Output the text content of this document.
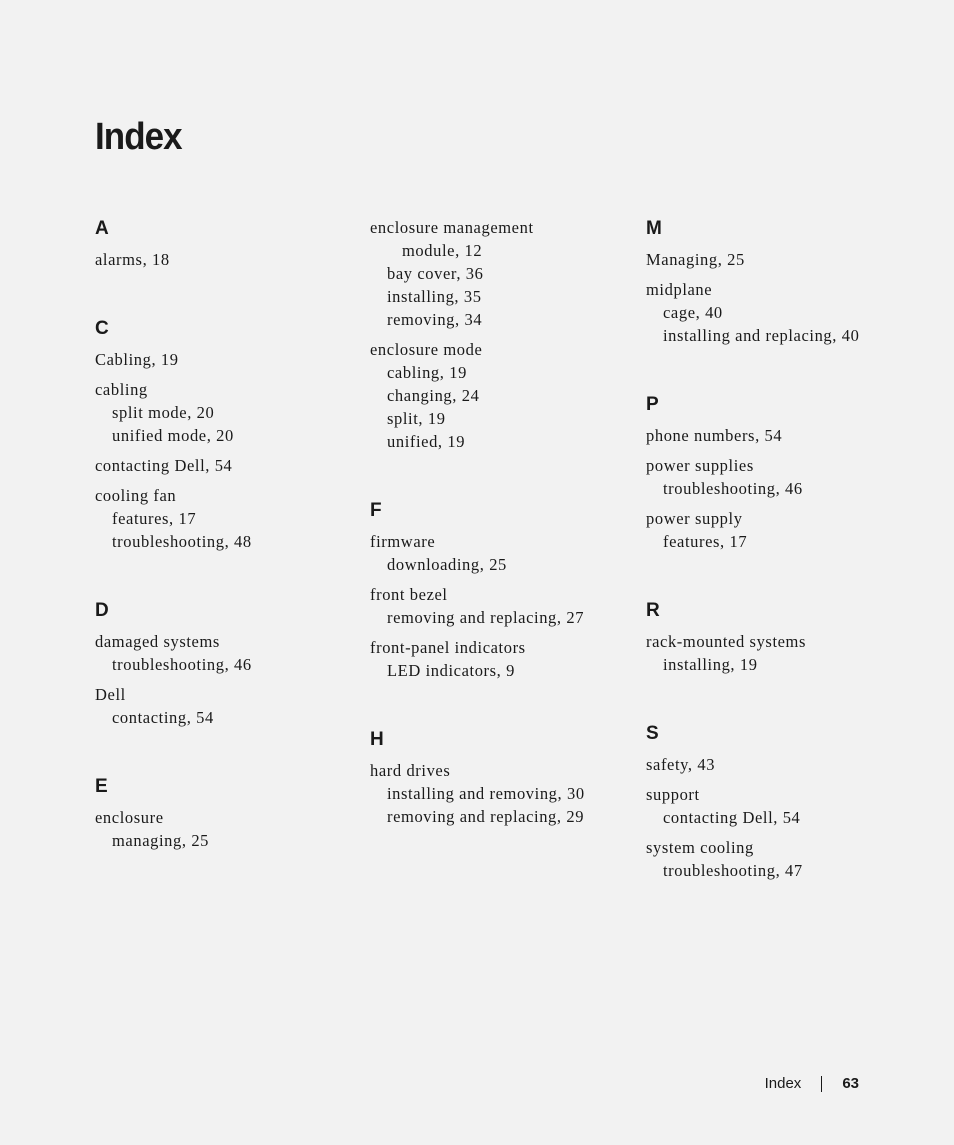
Index
A
alarms, 18
C
Cabling, 19
cabling
split mode, 20
unified mode, 20
contacting Dell, 54
cooling fan
features, 17
troubleshooting, 48
D
damaged systems
troubleshooting, 46
Dell
contacting, 54
E
enclosure
managing, 25
enclosure management
module, 12
bay cover, 36
installing, 35
removing, 34
enclosure mode
cabling, 19
changing, 24
split, 19
unified, 19
F
firmware
downloading, 25
front bezel
removing and replacing, 27
front-panel indicators
LED indicators, 9
H
hard drives
installing and removing, 30
removing and replacing, 29
M
Managing, 25
midplane
cage, 40
installing and replacing, 40
P
phone numbers, 54
power supplies
troubleshooting, 46
power supply
features, 17
R
rack-mounted systems
installing, 19
S
safety, 43
support
contacting Dell, 54
system cooling
troubleshooting, 47
Index	63
